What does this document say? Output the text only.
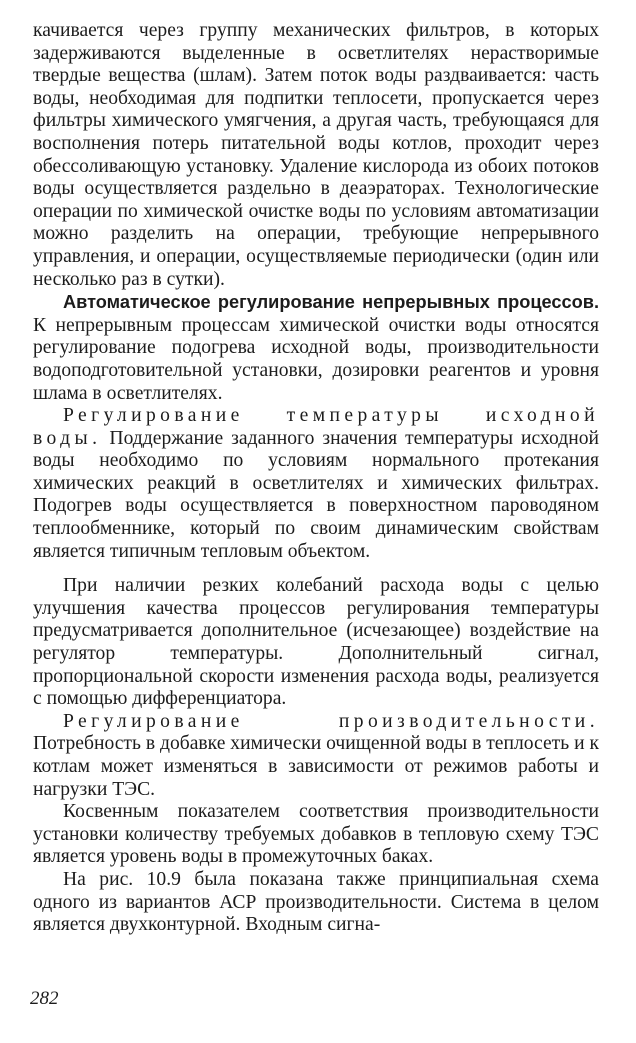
качивается через группу механических фильтров, в которых задерживаются выделенные в осветлителях нерастворимые твердые вещества (шлам). Затем поток воды раздваивается: часть воды, необходимая для подпитки теплосети, пропускается через фильтры химического умягчения, а другая часть, требующаяся для восполнения потерь питательной воды котлов, проходит через обессоливающую установку. Удаление кислорода из обоих потоков воды осуществляется раздельно в деаэраторах. Технологические операции по химической очистке воды по условиям автоматизации можно разделить на операции, требующие непрерывного управления, и операции, осуществляемые периодически (один или несколько раз в сутки).

Автоматическое регулирование непрерывных процессов. К непрерывным процессам химической очистки воды относятся регулирование подогрева исходной воды, производительности водоподготовительной установки, дозировки реагентов и уровня шлама в осветлителях.

Регулирование температуры исходной воды. Поддержание заданного значения температуры исходной воды необходимо по условиям нормального протекания химических реакций в осветлителях и химических фильтрах. Подогрев воды осуществляется в поверхностном пароводяном теплообменнике, который по своим динамическим свойствам является типичным тепловым объектом.

При наличии резких колебаний расхода воды с целью улучшения качества процессов регулирования температуры предусматривается дополнительное (исчезающее) воздействие на регулятор температуры. Дополнительный сигнал, пропорциональной скорости изменения расхода воды, реализуется с помощью дифференциатора.

Регулирование производительности. Потребность в добавке химически очищенной воды в теплосеть и к котлам может изменяться в зависимости от режимов работы и нагрузки ТЭС.

Косвенным показателем соответствия производительности установки количеству требуемых добавков в тепловую схему ТЭС является уровень воды в промежуточных баках.

На рис. 10.9 была показана также принципиальная схема одного из вариантов АСР производительности. Система в целом является двухконтурной. Входным сигна-

282
